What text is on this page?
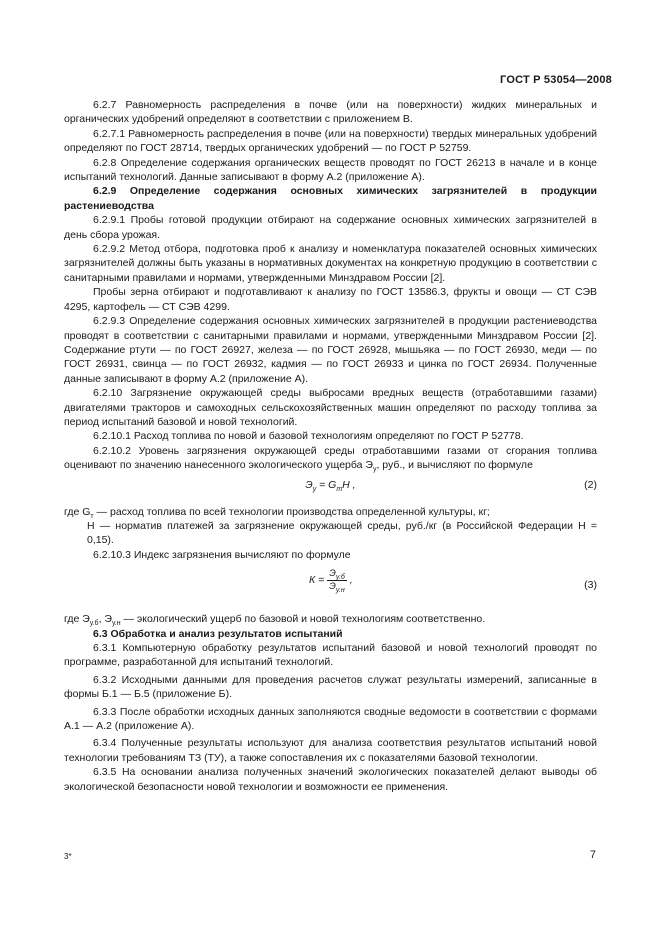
ГОСТ Р 53054—2008

6.2.7 Равномерность распределения в почве (или на поверхности) жидких минеральных и органических удобрений определяют в соответствии с приложением В.

6.2.7.1 Равномерность распределения в почве (или на поверхности) твердых минеральных удобрений определяют по ГОСТ 28714, твердых органических удобрений — по ГОСТ Р 52759.

6.2.8 Определение содержания органических веществ проводят по ГОСТ 26213 в начале и в конце испытаний технологий. Данные записывают в форму А.2 (приложение А).

6.2.9 Определение содержания основных химических загрязнителей в продукции растениеводства

6.2.9.1 Пробы готовой продукции отбирают на содержание основных химических загрязнителей в день сбора урожая.

6.2.9.2 Метод отбора, подготовка проб к анализу и номенклатура показателей основных химических загрязнителей должны быть указаны в нормативных документах на конкретную продукцию в соответствии с санитарными правилами и нормами, утвержденными Минздравом России [2].

Пробы зерна отбирают и подготавливают к анализу по ГОСТ 13586.3, фрукты и овощи — СТ СЭВ 4295, картофель — СТ СЭВ 4299.

6.2.9.3 Определение содержания основных химических загрязнителей в продукции растениеводства проводят в соответствии с санитарными правилами и нормами, утвержденными Минздравом России [2]. Содержание ртути — по ГОСТ 26927, железа — по ГОСТ 26928, мышьяка — по ГОСТ 26930, меди — по ГОСТ 26931, свинца — по ГОСТ 26932, кадмия — по ГОСТ 26933 и цинка по ГОСТ 26934. Полученные данные записывают в форму А.2 (приложение А).

6.2.10 Загрязнение окружающей среды выбросами вредных веществ (отработавшими газами) двигателями тракторов и самоходных сельскохозяйственных машин определяют по расходу топлива за период испытаний базовой и новой технологий.

6.2.10.1 Расход топлива по новой и базовой технологиям определяют по ГОСТ Р 52778.

6.2.10.2 Уровень загрязнения окружающей среды отработавшими газами от сгорания топлива оценивают по значению нанесенного экологического ущерба $Э_у$, руб., и вычисляют по формуле

$Э_у = G_тH$ ,	(2)

где $G_т$ — расход топлива по всей технологии производства определенной культуры, кг;

Н — норматив платежей за загрязнение окружающей среды, руб./кг (в Российской Федерации Н = 0,15).

6.2.10.3 Индекс загрязнения вычисляют по формуле

$К = \frac{Э_{у.б}}{Э_{у.н}}$ ,	(3)

где $Э_{у.б}$, $Э_{у.н}$ — экологический ущерб по базовой и новой технологиям соответственно.

6.3 Обработка и анализ результатов испытаний

6.3.1 Компьютерную обработку результатов испытаний базовой и новой технологий проводят по программе, разработанной для испытаний технологий.

6.3.2 Исходными данными для проведения расчетов служат результаты измерений, записанные в формы Б.1 — Б.5 (приложение Б).

6.3.3 После обработки исходных данных заполняются сводные ведомости в соответствии с формами А.1 — А.2 (приложение А).

6.3.4 Полученные результаты используют для анализа соответствия результатов испытаний новой технологии требованиям ТЗ (ТУ), а также сопоставления их с показателями базовой технологии.

6.3.5 На основании анализа полученных значений экологических показателей делают выводы об экологической безопасности новой технологии и возможности ее применения.

3*	7
